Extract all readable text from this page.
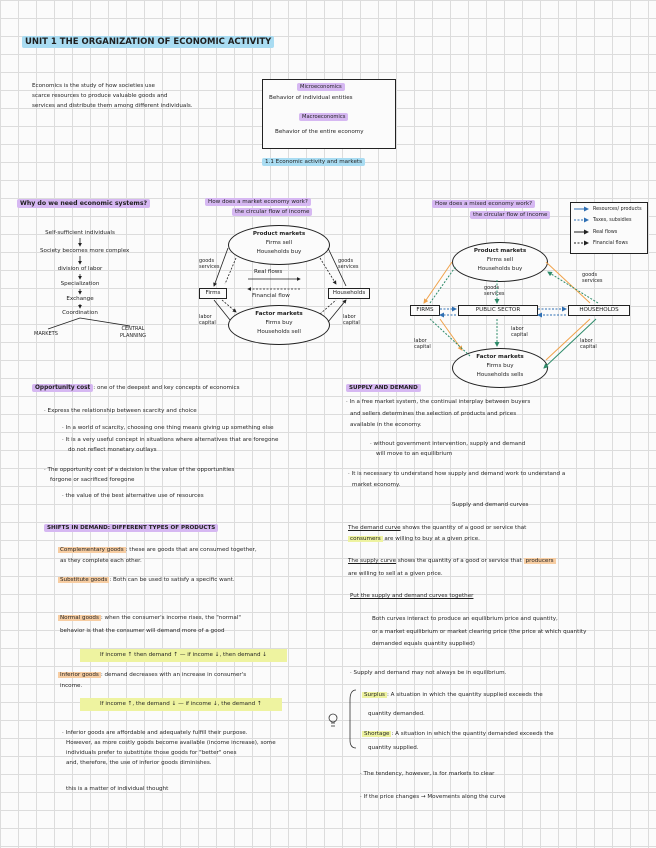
UNIT 1 THE ORGANIZATION OF ECONOMIC ACTIVITY
Economics is the study of how societies use
scarce resources to produce valuable goods and
services and distribute them among different individuals.
Microeconomics
Behavior of individual entities
Macroeconomics
Behavior of the entire economy
1.1 Economic activity and markets
Why do we need economic systems?
Self-sufficient individuals
Society becomes more complex
division of labor
Specialization
Exchange
Coordination
MARKETS
CENTRAL
PLANNING
How does a market economy work?
the circular flow of income
Product markets
Firms sell
Households buy
Factor markets
Firms buy
Households sell
Firms	Households
Real flows
Financial flow
goods services
goods services
labor capital
labor capital
How does a mixed economy work?
the circular flow of income
Resources/ products
Taxes, subsidies
Real flows
Financial flows
Product markets
Firms sell
Households buy
Factor markets
Firms buy
Households sells
FIRMS	PUBLIC SECTOR	HOUSEHOLDS
goods services
goods services
labor capital
labor capital
labor capital
Opportunity cost : one of the deepest and key concepts of economics
· Express the relationship between scarcity and choice
· In a world of scarcity, choosing one thing means giving up something else
· It is a very useful concept in situations where alternatives that are foregone
do not reflect monetary outlays
· The opportunity cost of a decision is the value of the opportunities
forgone or sacrificed foregone
· the value of the best alternative use of resources
SHIFTS IN DEMAND: DIFFERENT TYPES OF PRODUCTS
Complementary goods : these are goods that are consumed together,
as they complete each other.
Substitute goods : Both can be used to satisfy a specific want.
Normal goods : when the consumer's income rises, the "normal"
behavior is that the consumer will demand more of a good
If income ↑ then demand ↑ — if income ↓, then demand ↓
Inferior goods : demand decreases with an increase in consumer's
income.
If income ↑, the demand ↓ — if income ↓, the demand ↑
· Inferior goods are affordable and adequately fulfill their purpose.
However, as more costly goods become available (income increase), some
individuals prefer to substitute those goods for "better" ones
and, therefore, the use of inferior goods diminishes.
this is a matter of individual thought
SUPPLY AND DEMAND
· In a free market system, the continual interplay between buyers
and sellers determines the selection of products and prices
available in the economy.
· without government intervention, supply and demand
will move to an equilibrium
· It is necessary to understand how supply and demand work to understand a
market economy.
Supply and demand curves
The demand curve shows the quantity of a good or service that
consumers are willing to buy at a given price.
The supply curve shows the quantity of a good or service that producers
are willing to sell at a given price.
Put the supply and demand curves together
Both curves interact to produce an equilibrium price and quantity,
or a market equilibrium or market clearing price (the price at which quantity
demanded equals quantity supplied)
· Supply and demand may not always be in equilibrium.
Surplus : A situation in which the quantity supplied exceeds the
quantity demanded.
Shortage : A situation in which the quantity demanded exceeds the
quantity supplied.
· The tendency, however, is for markets to clear
· If the price changes → Movements along the curve
